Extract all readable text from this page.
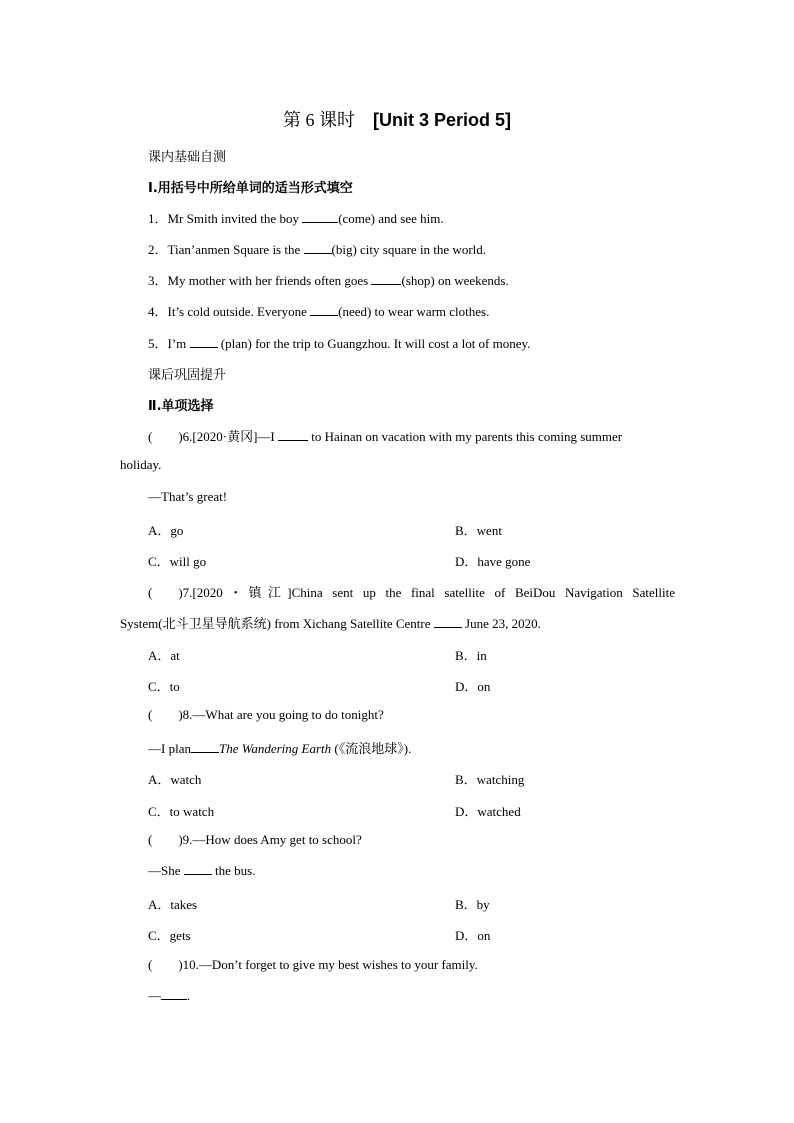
第 6 课时 [Unit 3 Period 5]
课内基础自测
Ⅰ.用括号中所给单词的适当形式填空
1．Mr Smith invited the boy	(come) and see him.
2．Tian’anmen Square is the (big) city square in the world.
3．My mother with her friends often goes (shop) on weekends.
4．It’s cold outside. Everyone (need) to wear warm clothes.
5．I’m  (plan) for the trip to Guangzhou. It will cost a lot of money.
课后巩固提升
Ⅱ.单项选择
( )6.[2020·黄冈]—I  to Hainan on vacation with my parents this coming summer
holiday.
—That’s great!
A．go	B．went
C．will go	D．have gone
( )7.[2020・镇江]China sent up the final satellite of BeiDou Navigation Satellite
System(北斗卫星导航系统) from Xichang Satellite Centre  June 23, 2020.
A．at	B．in
C．to	D．on
( )8.—What are you going to do tonight?
—I plan The Wandering Earth (《流浪地球》).
A．watch	B．watching
C．to watch	D．watched
( )9.—How does Amy get to school?
—She  the bus.
A．takes	B．by
C．gets	D．on
( )10.—Don’t forget to give my best wishes to your family.
— .
